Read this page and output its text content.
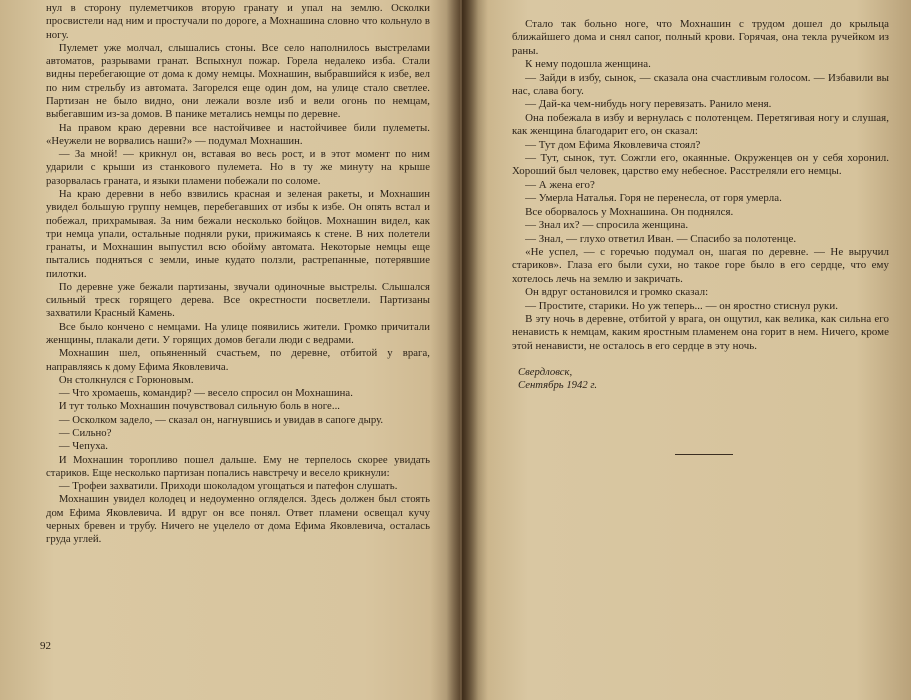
нул в сторону пулеметчиков вторую гранату и упал на землю. Осколки просвистели над ним и простучали по дороге, а Мохнашина словно что кольнуло в ногу.

Пулемет уже молчал, слышались стоны. Все село наполнилось выстрелами автоматов, разрывами гранат. Вспыхнул пожар. Горела недалеко изба. Стали видны перебегающие от дома к дому немцы. Мохнашин, выбравшийся к избе, вел по ним стрельбу из автомата. Загорелся еще один дом, на улице стало светлее. Партизан не было видно, они лежали возле изб и вели огонь по немцам, выбегавшим из-за домов. В панике метались немцы по деревне.

На правом краю деревни все настойчивее и настойчивее били пулеметы. «Неужели не ворвались наши?» — подумал Мохнашин.

— За мной! — крикнул он, вставая во весь рост, и в этот момент по ним ударили с крыши из станкового пулемета. Но в ту же минуту на крыше разорвалась граната, и языки пламени побежали по соломе.

На краю деревни в небо взвились красная и зеленая ракеты, и Мохнашин увидел большую группу немцев, перебегавших от избы к избе. Он опять встал и побежал, прихрамывая. За ним бежали несколько бойцов. Мохнашин видел, как три немца упали, остальные подняли руки, прижимаясь к стене. В них полетели гранаты, и Мохнашин выпустил всю обойму автомата. Некоторые немцы еще пытались подняться с земли, иные кудато ползли, растрепанные, потерявшие пилотки.

По деревне уже бежали партизаны, звучали одиночные выстрелы. Слышался сильный треск горящего дерева. Все окрестности посветлели. Партизаны захватили Красный Камень.

Все было кончено с немцами. На улице появились жители. Громко причитали женщины, плакали дети. У горящих домов бегали люди с ведрами.

Мохнашин шел, опьяненный счастьем, по деревне, отбитой у врага, направляясь к дому Ефима Яковлевича.

Он столкнулся с Горюновым.

— Что хромаешь, командир? — весело спросил он Мохнашина.

И тут только Мохнашин почувствовал сильную боль в ноге...

— Осколком задело, — сказал он, нагнувшись и увидав в сапоге дыру.

— Сильно?

— Чепуха.

И Мохнашин торопливо пошел дальше. Ему не терпелось скорее увидать стариков. Еще несколько партизан попались навстречу и весело крикнули:

— Трофеи захватили. Приходи шоколадом угощаться и патефон слушать.

Мохнашин увидел колодец и недоуменно огляделся. Здесь должен был стоять дом Ефима Яковлевича. И вдруг он все понял. Ответ пламени освещал кучу черных бревен и трубу. Ничего не уцелело от дома Ефима Яковлевича, осталась груда углей.

92

Стало так больно ноге, что Мохнашин с трудом дошел до крыльца ближайшего дома и снял сапог, полный крови. Горячая, она текла ручейком из раны.

К нему подошла женщина.

— Зайди в избу, сынок, — сказала она счастливым голосом. — Избавили вы нас, слава богу.

— Дай-ка чем-нибудь ногу перевязать. Ранило меня.

Она побежала в избу и вернулась с полотенцем. Перетягивая ногу и слушая, как женщина благодарит его, он сказал:

— Тут дом Ефима Яковлевича стоял?

— Тут, сынок, тут. Сожгли его, окаянные. Окруженцев он у себя хоронил. Хороший был человек, царство ему небесное. Расстреляли его немцы.

— А жена его?

— Умерла Наталья. Горя не перенесла, от горя умерла.

Все оборвалось у Мохнашина. Он поднялся.

— Знал их? — спросила женщина.

— Знал, — глухо ответил Иван. — Спасибо за полотенце.

«Не успел, — с горечью подумал он, шагая по деревне. — Не выручил стариков». Глаза его были сухи, но такое горе было в его сердце, что ему хотелось лечь на землю и закричать.

Он вдруг остановился и громко сказал:

— Простите, старики. Но уж теперь... — он яростно стиснул руки.

В эту ночь в деревне, отбитой у врага, он ощутил, как велика, как сильна его ненависть к немцам, каким яростным пламенем она горит в нем. Ничего, кроме этой ненависти, не осталось в его сердце в эту ночь.

Свердловск,
Сентябрь 1942 г.
